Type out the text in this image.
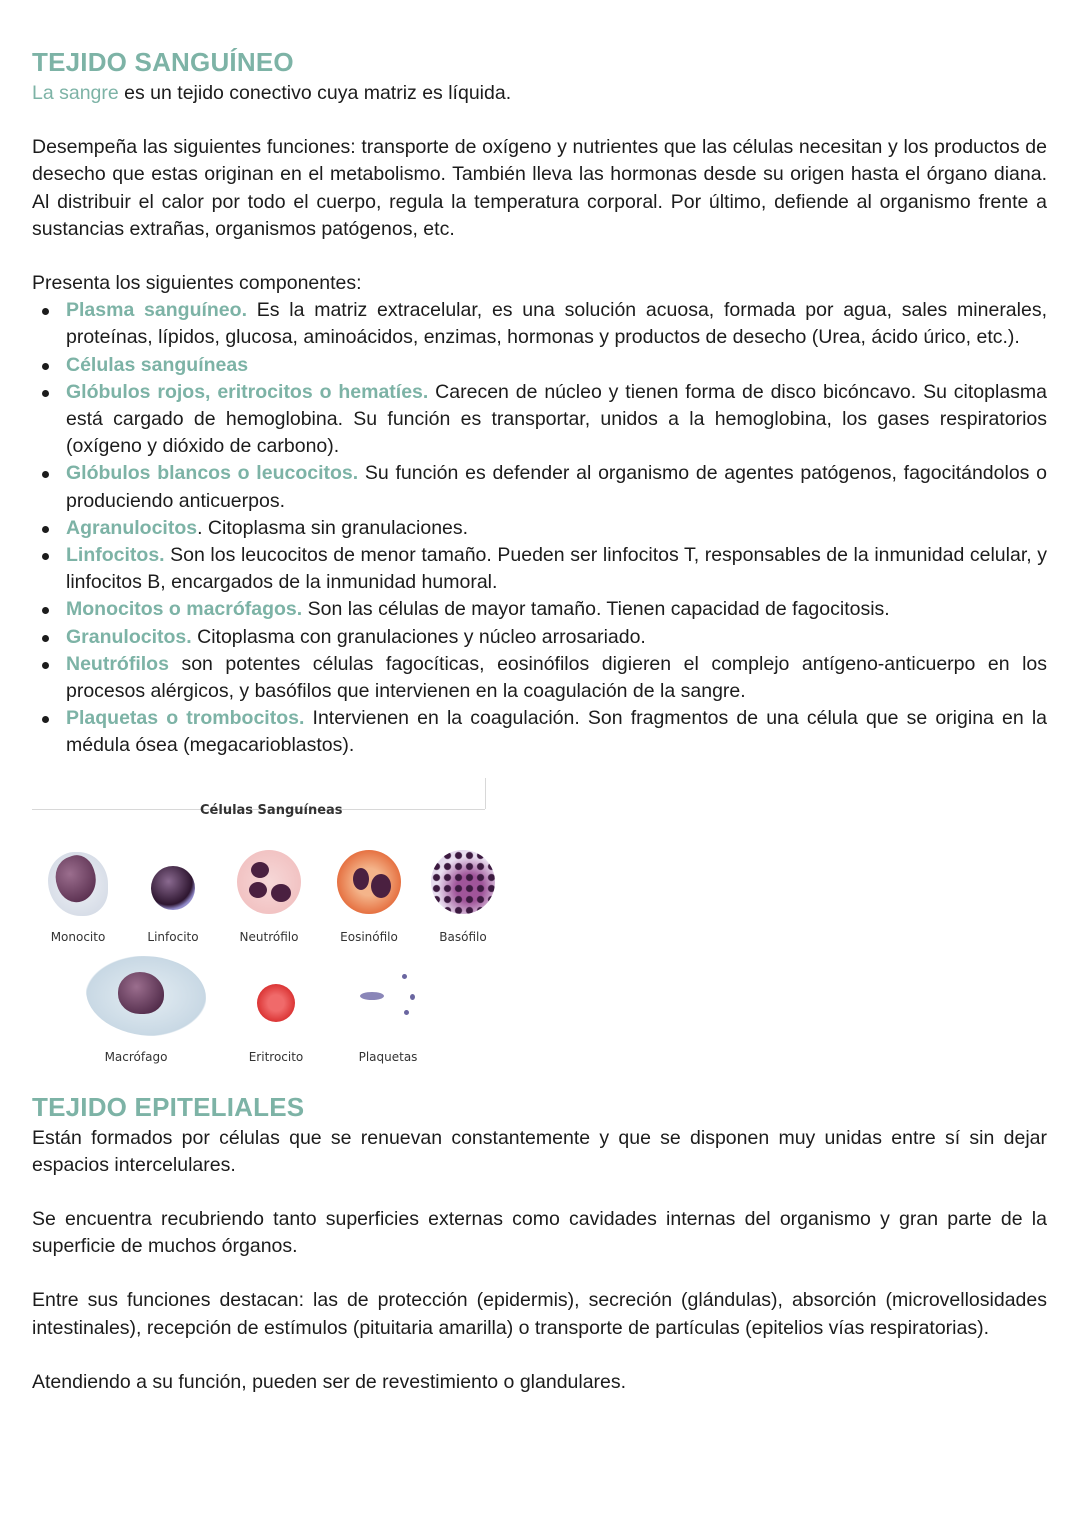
TEJIDO SANGUÍNEO

La sangre es un tejido conectivo cuya matriz es líquida.

Desempeña las siguientes funciones: transporte de oxígeno y nutrientes que las células necesitan y los productos de desecho que estas originan en el metabolismo. También lleva las hormonas desde su origen hasta el órgano diana. Al distribuir el calor por todo el cuerpo, regula la temperatura corporal. Por último, defiende al organismo frente a sustancias extrañas, organismos patógenos, etc.

Presenta los siguientes componentes:

Plasma sanguíneo. Es la matriz extracelular, es una solución acuosa, formada por agua, sales minerales, proteínas, lípidos, glucosa, aminoácidos, enzimas, hormonas y productos de desecho (Urea, ácido úrico, etc.).
Células sanguíneas
Glóbulos rojos, eritrocitos o hematíes. Carecen de núcleo y tienen forma de disco bicóncavo. Su citoplasma está cargado de hemoglobina. Su función es transportar, unidos a la hemoglobina, los gases respiratorios (oxígeno y dióxido de carbono).
Glóbulos blancos o leucocitos. Su función es defender al organismo de agentes patógenos, fagocitándolos o produciendo anticuerpos.
Agranulocitos. Citoplasma sin granulaciones.
Linfocitos. Son los leucocitos de menor tamaño. Pueden ser linfocitos T, responsables de la inmunidad celular, y linfocitos B, encargados de la inmunidad humoral.
Monocitos o macrófagos. Son las células de mayor tamaño. Tienen capacidad de fagocitosis.
Granulocitos. Citoplasma con granulaciones y núcleo arrosariado.
Neutrófilos son potentes células fagocíticas, eosinófilos digieren el complejo antígeno-anticuerpo en los procesos alérgicos, y basófilos que intervienen en la coagulación de la sangre.
Plaquetas o trombocitos. Intervienen en la coagulación. Son fragmentos de una célula que se origina en la médula ósea (megacarioblastos).
Células Sanguíneas
Monocito	Linfocito	Neutrófilo	Eosinófilo	Basófilo
Macrófago	Eritrocito	Plaquetas
TEJIDO EPITELIALES

Están formados por células que se renuevan constantemente y que se disponen muy unidas entre sí sin dejar espacios intercelulares.

Se encuentra recubriendo tanto superficies externas como cavidades internas del organismo y gran parte de la superficie de muchos órganos.

Entre sus funciones destacan: las de protección (epidermis), secreción (glándulas), absorción (microvellosidades intestinales), recepción de estímulos (pituitaria amarilla) o transporte de partículas (epitelios vías respiratorias).

Atendiendo a su función, pueden ser de revestimiento o glandulares.
